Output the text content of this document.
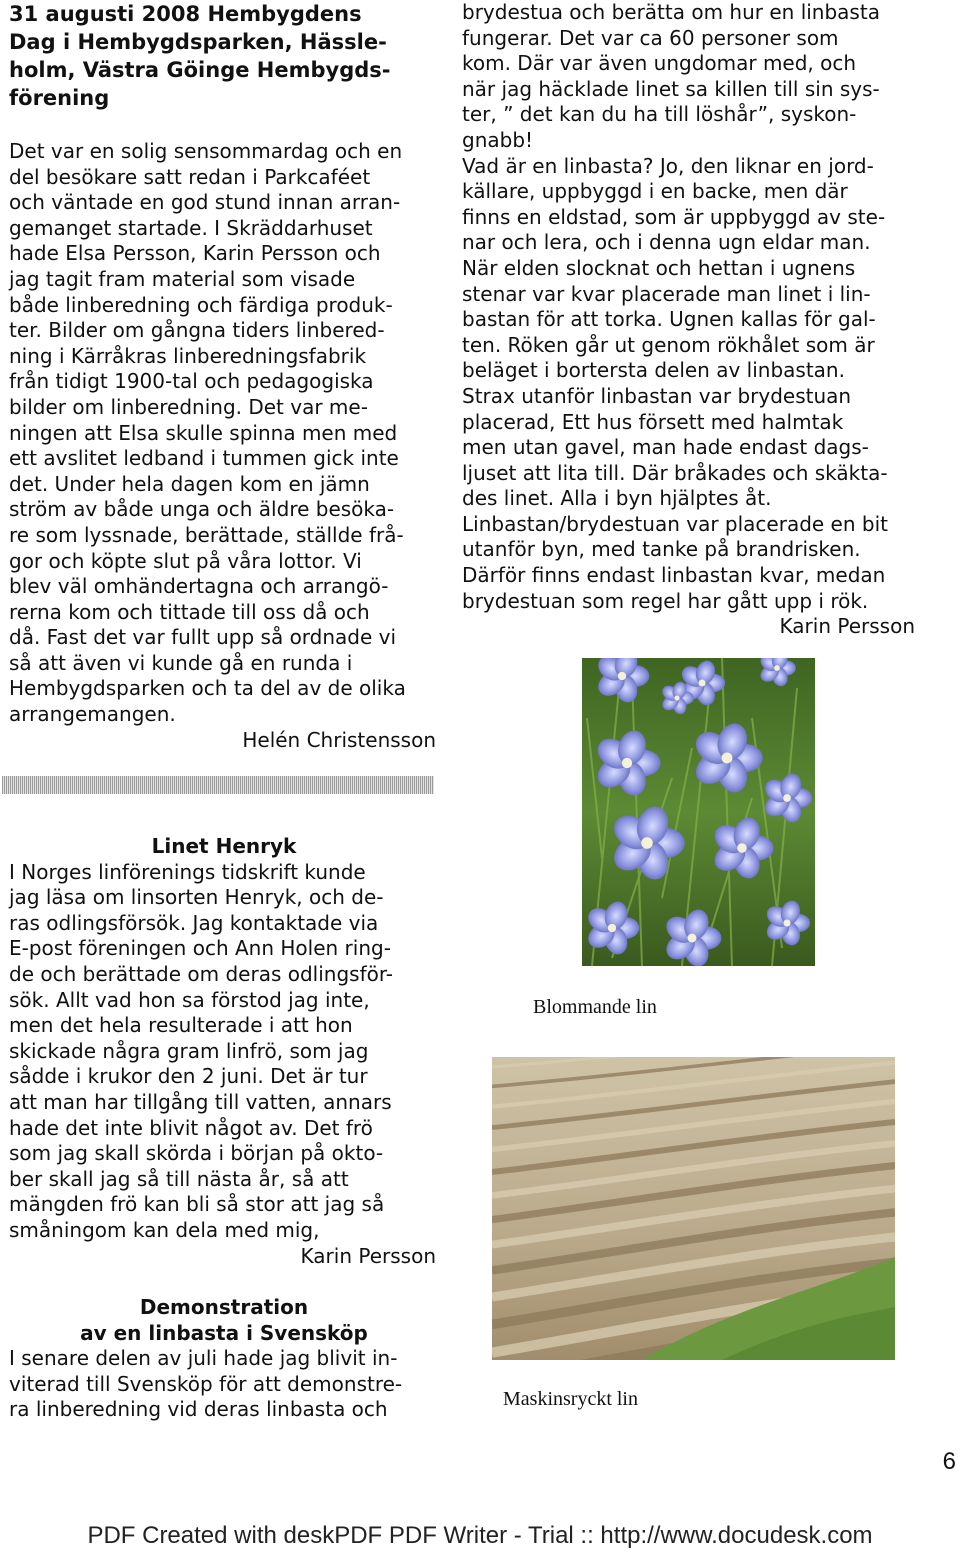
31 augusti 2008 Hembygdens
Dag i Hembygdsparken, Hässle-
holm, Västra Göinge Hembygds-
förening
Det var en solig sensommardag och en
del besökare satt redan i Parkcaféet
och väntade en god stund innan arran-
gemanget startade. I Skräddarhuset
hade Elsa Persson, Karin Persson och
jag tagit fram material som visade
både linberedning och färdiga produk-
ter. Bilder om gångna tiders linbered-
ning i Kärråkras linberedningsfabrik
från tidigt 1900-tal och pedagogiska
bilder om linberedning. Det var me-
ningen att Elsa skulle spinna men med
ett avslitet ledband i tummen gick inte
det. Under hela dagen kom en jämn
ström av både unga och äldre besöka-
re som lyssnade, berättade, ställde frå-
gor och köpte slut på våra lottor. Vi
blev väl omhändertagna och arrangö-
rerna kom och tittade till oss då och
då. Fast det var fullt upp så ordnade vi
så att även vi kunde gå en runda i
Hembygdsparken och ta del av de olika
arrangemangen.
Helén Christensson
Linet Henryk
I Norges linförenings tidskrift kunde
jag läsa om linsorten Henryk, och de-
ras odlingsförsök. Jag kontaktade via
E-post föreningen och Ann Holen ring-
de och berättade om deras odlingsför-
sök. Allt vad hon sa förstod jag inte,
men det hela resulterade i att hon
skickade några gram linfrö, som jag
sådde i krukor den 2 juni. Det är tur
att man har tillgång till vatten, annars
hade det inte blivit något av. Det frö
som jag skall skörda i början på okto-
ber skall jag så till nästa år, så att
mängden frö kan bli så stor att jag så
småningom kan dela med mig,
Karin Persson
Demonstration
av en linbasta i Svensköp
I senare delen av juli hade jag blivit in-
viterad till Svensköp för att demonstre-
ra linberedning vid deras linbasta och
brydestua och berätta om hur en linbasta
fungerar. Det var ca 60 personer som
kom. Där var även ungdomar med, och
när jag häcklade linet sa killen till sin sys-
ter, ” det kan du ha till löshår”, syskon-
gnabb!
Vad är en linbasta? Jo, den liknar en jord-
källare, uppbyggd i en backe, men där
finns en eldstad, som är uppbyggd av ste-
nar och lera, och i denna ugn eldar man.
När elden slocknat och hettan i ugnens
stenar var kvar placerade man linet i lin-
bastan för att torka. Ugnen kallas för gal-
ten. Röken går ut genom rökhålet som är
beläget i bortersta delen av linbastan.
Strax utanför linbastan var brydestuan
placerad, Ett hus försett med halmtak
men utan gavel, man hade endast dags-
ljuset att lita till. Där bråkades och skäkta-
des linet. Alla i byn hjälptes åt.
Linbastan/brydestuan var placerade en bit
utanför byn, med tanke på brandrisken.
Därför finns endast linbastan kvar, medan
brydestuan som regel har gått upp i rök.
Karin Persson
Blommande lin
Maskinsryckt lin
6
PDF Created with deskPDF PDF Writer - Trial :: http://www.docudesk.com
